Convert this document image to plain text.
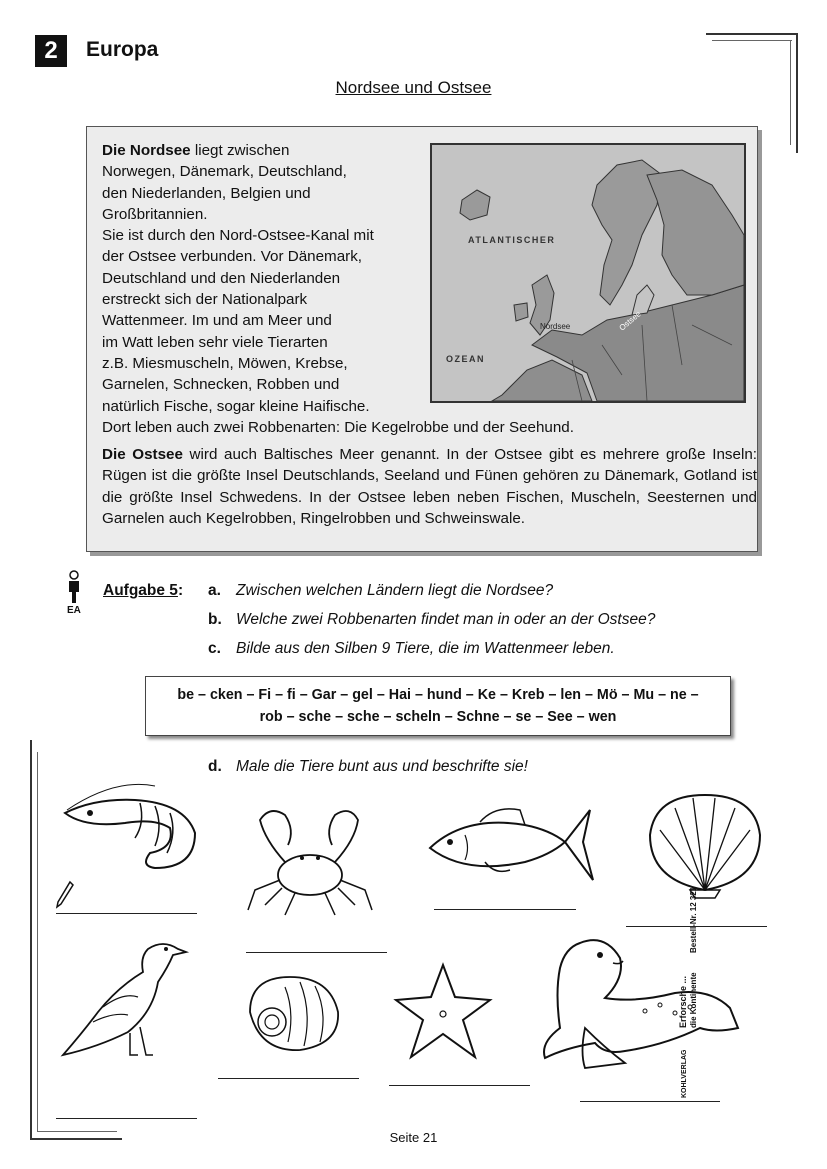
2	Europa
Nordsee und Ostsee
ATLANTISCHER
OZEAN
Nordsee	Ostsee

Die Nordsee liegt zwischen
Norwegen, Dänemark, Deutschland,
den Niederlanden, Belgien und
Großbritannien.
Sie ist durch den Nord-Ostsee-Kanal mit
der Ostsee verbunden. Vor Dänemark,
Deutschland und den Niederlanden
erstreckt sich der Nationalpark
Wattenmeer. Im und am Meer und
im Watt leben sehr viele Tierarten
z.B. Miesmuscheln, Möwen, Krebse,
Garnelen, Schnecken, Robben und
natürlich Fische, sogar kleine Haifische.

Dort leben auch zwei Robbenarten: Die Kegelrobbe und der Seehund.

Die Ostsee wird auch Baltisches Meer genannt. In der Ostsee gibt es mehrere große Inseln: Rügen ist die größte Insel Deutschlands, Seeland und Fünen gehören zu Dänemark, Gotland ist die größte Insel Schwedens. In der Ostsee leben neben Fischen, Muscheln, Seesternen und Garnelen auch Kegelrobben, Ringelrobben und Schweinswale.

EA
Aufgabe 5: a. Zwischen welchen Ländern liegt die Nordsee?
b. Welche zwei Robbenarten findet man in oder an der Ostsee?
c. Bilde aus den Silben 9 Tiere, die im Wattenmeer leben.
be – cken – Fi – fi – Gar – gel – Hai – hund – Ke – Kreb – len – Mö – Mu – ne –
rob – sche – sche – scheln – Schne – se – See – wen
d. Male die Tiere bunt aus und beschrifte sie!
Erforsche ... die Kontinente
Bestell-Nr. 12 321
KOHLVERLAG
Seite 21
